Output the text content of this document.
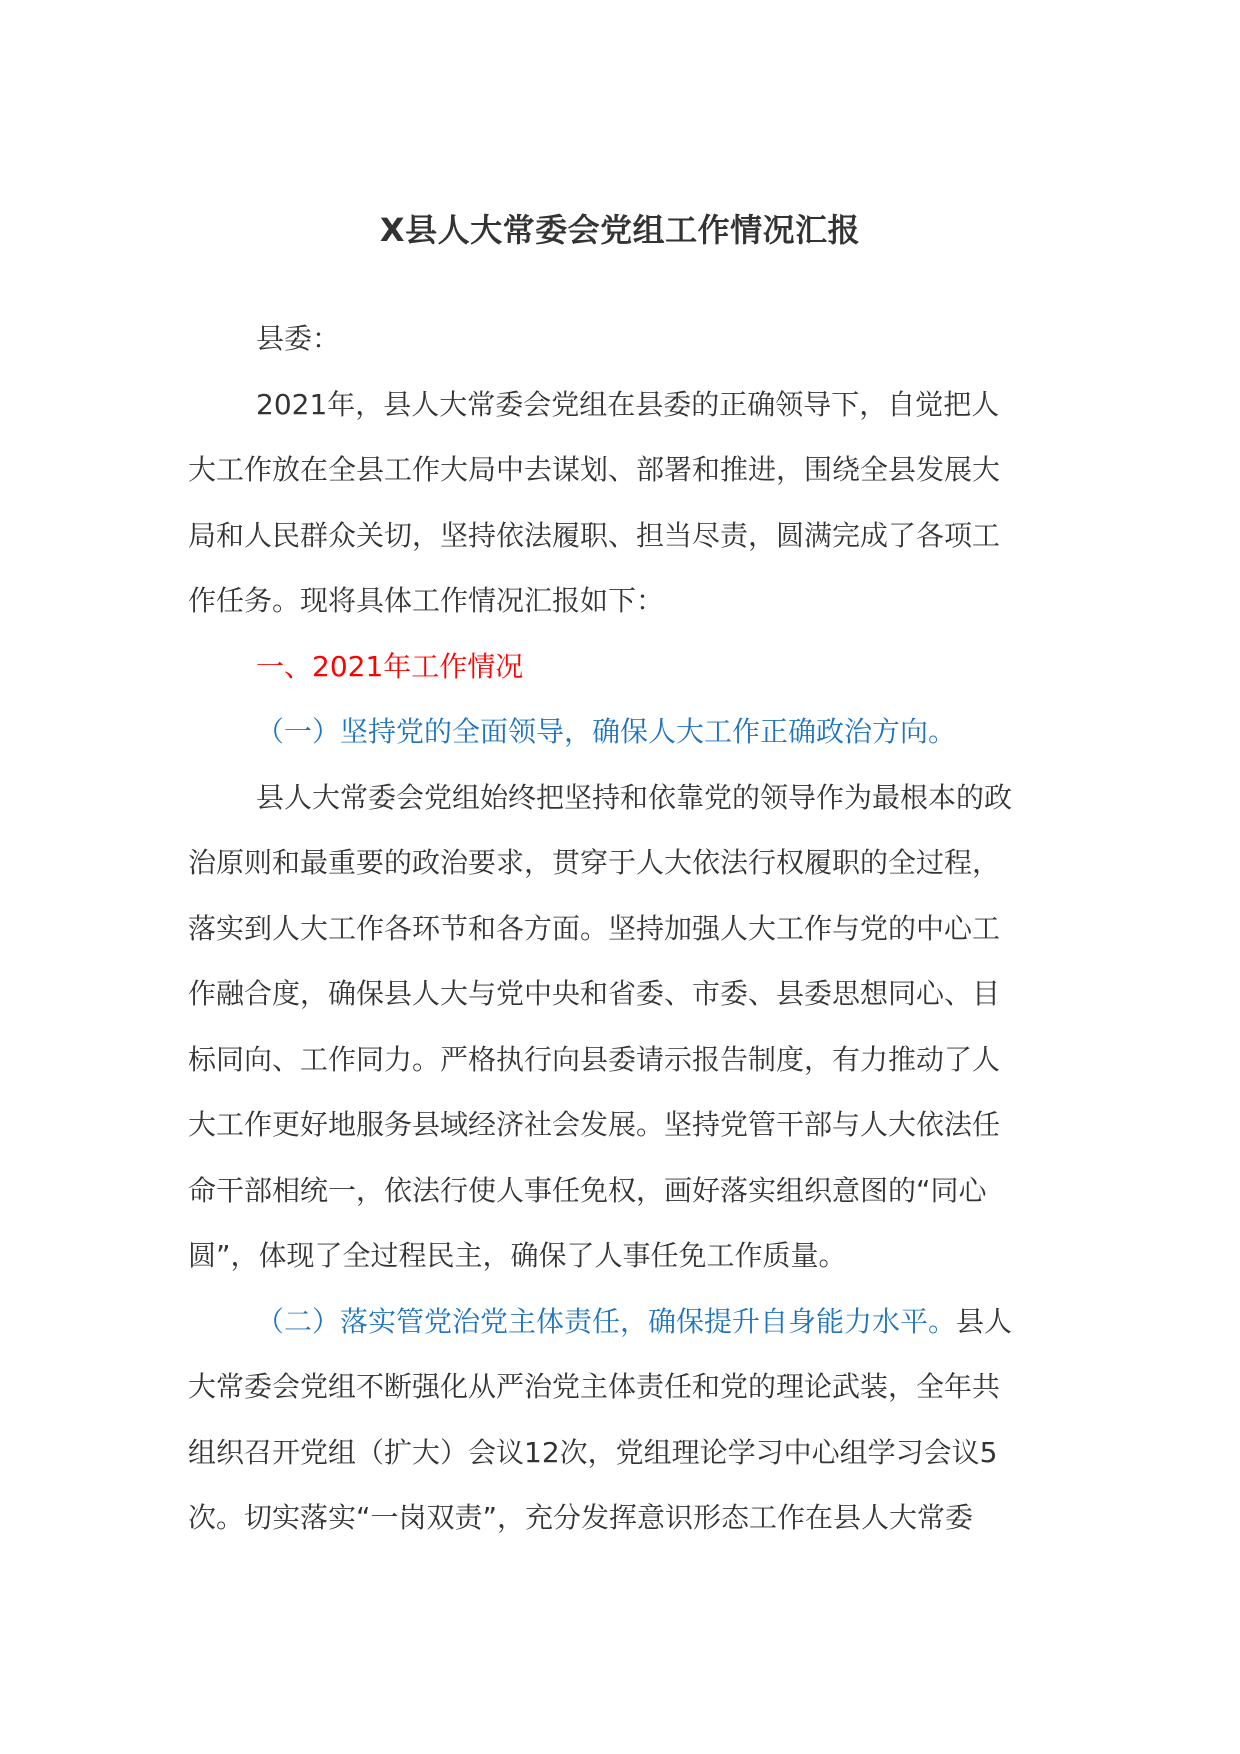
X县人大常委会党组工作情况汇报
县委：
2021年，县人大常委会党组在县委的正确领导下，自觉把人
大工作放在全县工作大局中去谋划、部署和推进，围绕全县发展大
局和人民群众关切，坚持依法履职、担当尽责，圆满完成了各项工
作任务。现将具体工作情况汇报如下：
一、2021年工作情况
（一）坚持党的全面领导，确保人大工作正确政治方向。
县人大常委会党组始终把坚持和依靠党的领导作为最根本的政
治原则和最重要的政治要求，贯穿于人大依法行权履职的全过程，
落实到人大工作各环节和各方面。坚持加强人大工作与党的中心工
作融合度，确保县人大与党中央和省委、市委、县委思想同心、目
标同向、工作同力。严格执行向县委请示报告制度，有力推动了人
大工作更好地服务县域经济社会发展。坚持党管干部与人大依法任
命干部相统一，依法行使人事任免权，画好落实组织意图的“同心
圆”，体现了全过程民主，确保了人事任免工作质量。
（二）落实管党治党主体责任，确保提升自身能力水平。县人
大常委会党组不断强化从严治党主体责任和党的理论武装，全年共
组织召开党组（扩大）会议12次，党组理论学习中心组学习会议5
次。切实落实“一岗双责”，充分发挥意识形态工作在县人大常委
